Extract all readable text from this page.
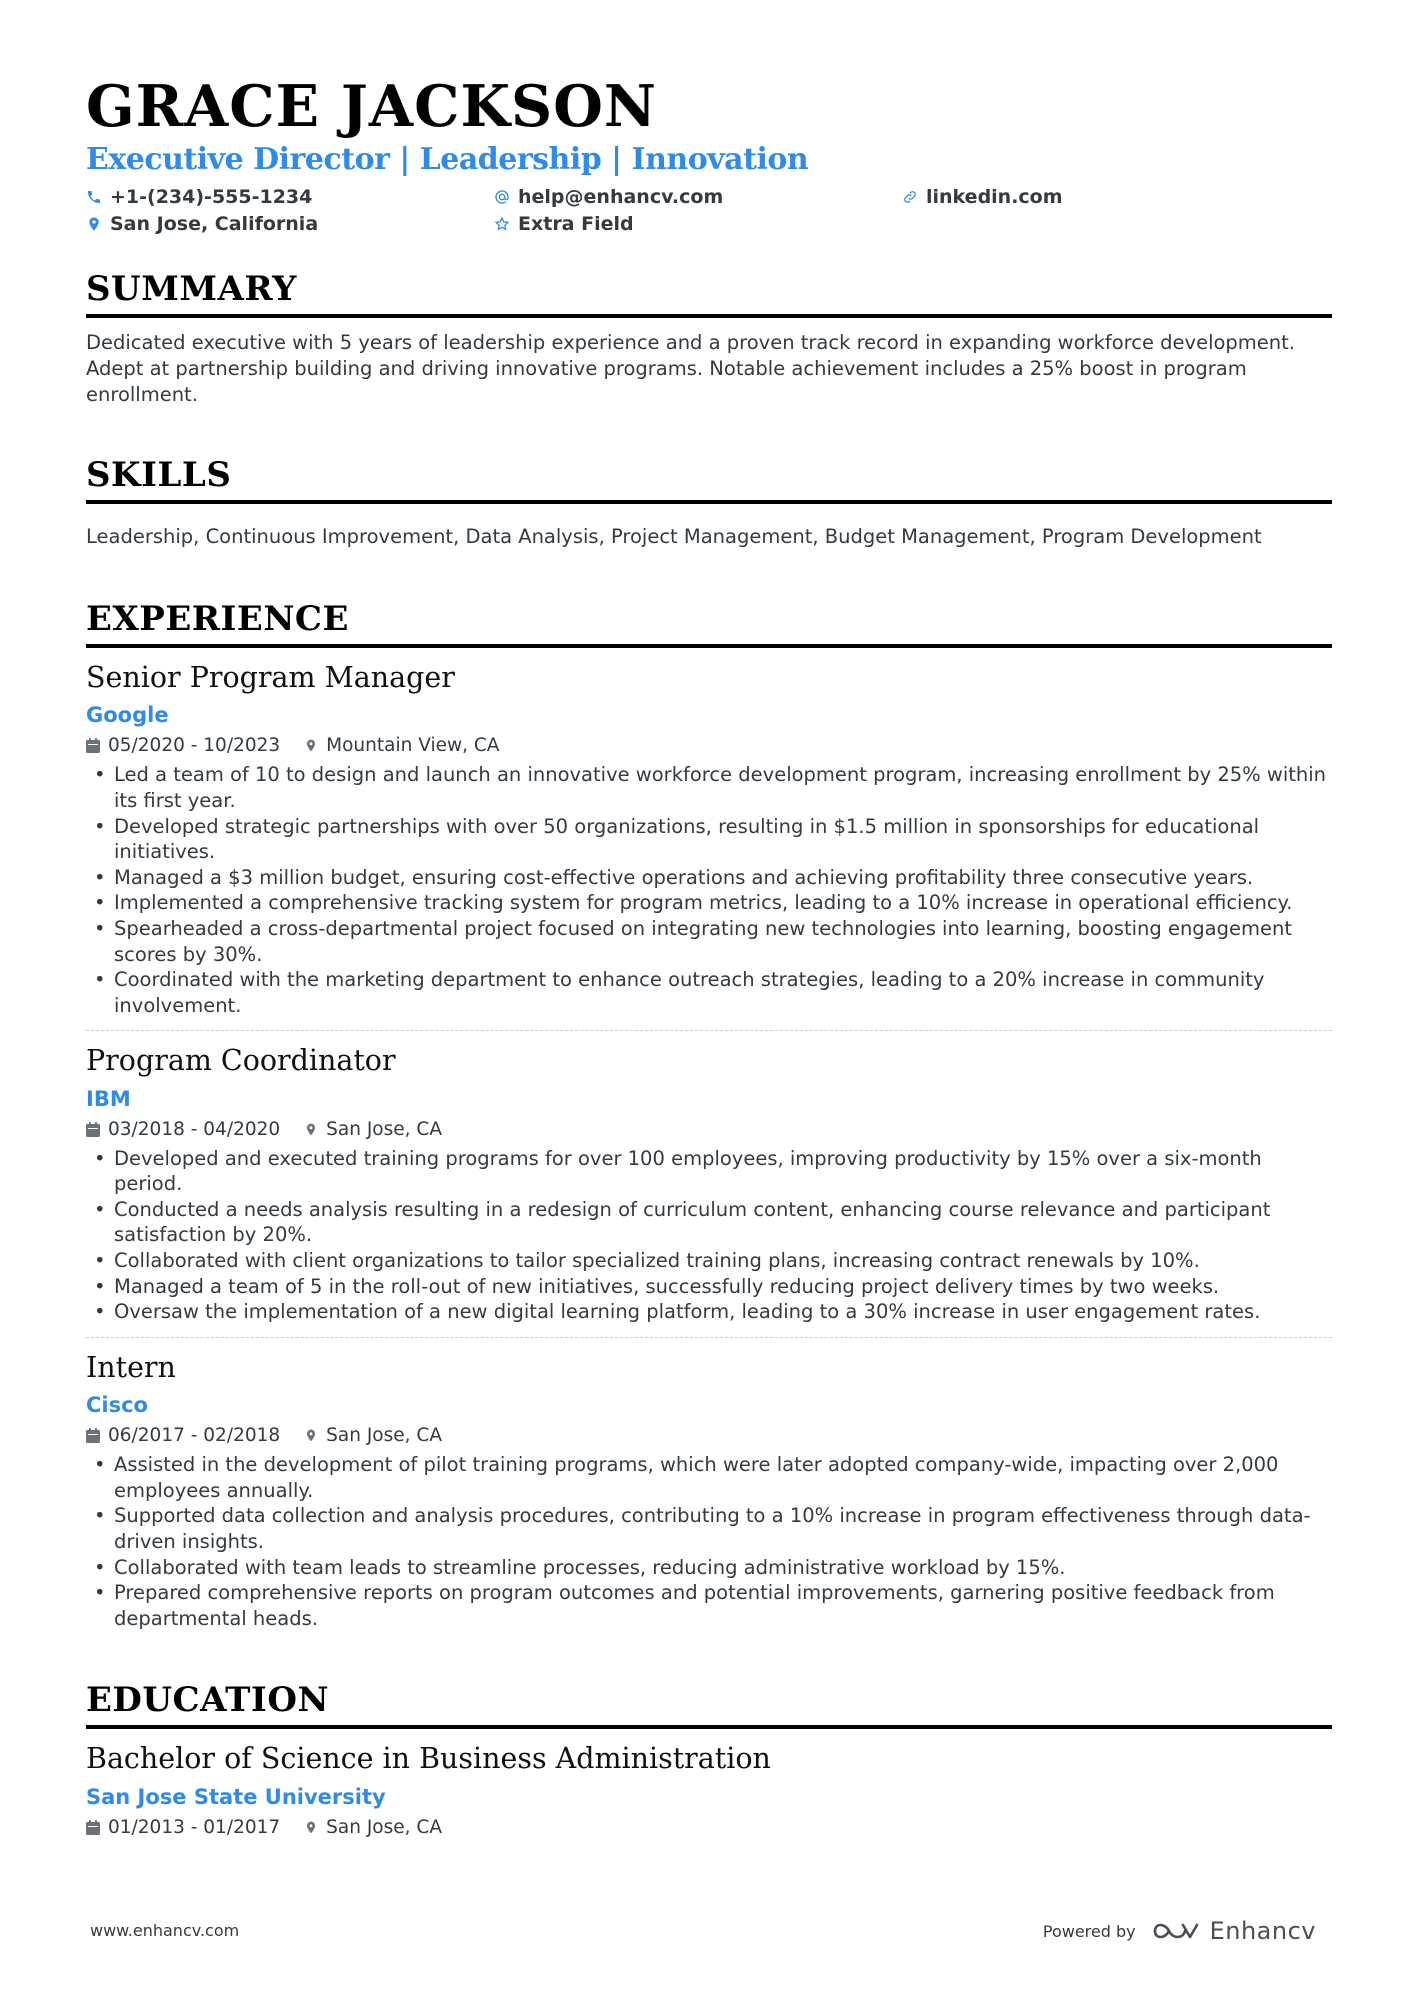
GRACE JACKSON
Executive Director | Leadership | Innovation
+1-(234)-555-1234	help@enhancv.com	linkedin.com
San Jose, California	Extra Field
SUMMARY
Dedicated executive with 5 years of leadership experience and a proven track record in expanding workforce development. Adept at partnership building and driving innovative programs. Notable achievement includes a 25% boost in program enrollment.
SKILLS
Leadership, Continuous Improvement, Data Analysis, Project Management, Budget Management, Program Development
EXPERIENCE
Senior Program Manager
Google
05/2020 - 10/2023 Mountain View, CA
• Led a team of 10 to design and launch an innovative workforce development program, increasing enrollment by 25% within its first year.
• Developed strategic partnerships with over 50 organizations, resulting in $1.5 million in sponsorships for educational initiatives.
• Managed a $3 million budget, ensuring cost-effective operations and achieving profitability three consecutive years.
• Implemented a comprehensive tracking system for program metrics, leading to a 10% increase in operational efficiency.
• Spearheaded a cross-departmental project focused on integrating new technologies into learning, boosting engagement scores by 30%.
• Coordinated with the marketing department to enhance outreach strategies, leading to a 20% increase in community involvement.
Program Coordinator
IBM
03/2018 - 04/2020 San Jose, CA
• Developed and executed training programs for over 100 employees, improving productivity by 15% over a six-month period.
• Conducted a needs analysis resulting in a redesign of curriculum content, enhancing course relevance and participant satisfaction by 20%.
• Collaborated with client organizations to tailor specialized training plans, increasing contract renewals by 10%.
• Managed a team of 5 in the roll-out of new initiatives, successfully reducing project delivery times by two weeks.
• Oversaw the implementation of a new digital learning platform, leading to a 30% increase in user engagement rates.
Intern
Cisco
06/2017 - 02/2018 San Jose, CA
• Assisted in the development of pilot training programs, which were later adopted company-wide, impacting over 2,000 employees annually.
• Supported data collection and analysis procedures, contributing to a 10% increase in program effectiveness through data-driven insights.
• Collaborated with team leads to streamline processes, reducing administrative workload by 15%.
• Prepared comprehensive reports on program outcomes and potential improvements, garnering positive feedback from departmental heads.
EDUCATION
Bachelor of Science in Business Administration
San Jose State University
01/2013 - 01/2017 San Jose, CA
www.enhancv.com	Powered by	Enhancv
